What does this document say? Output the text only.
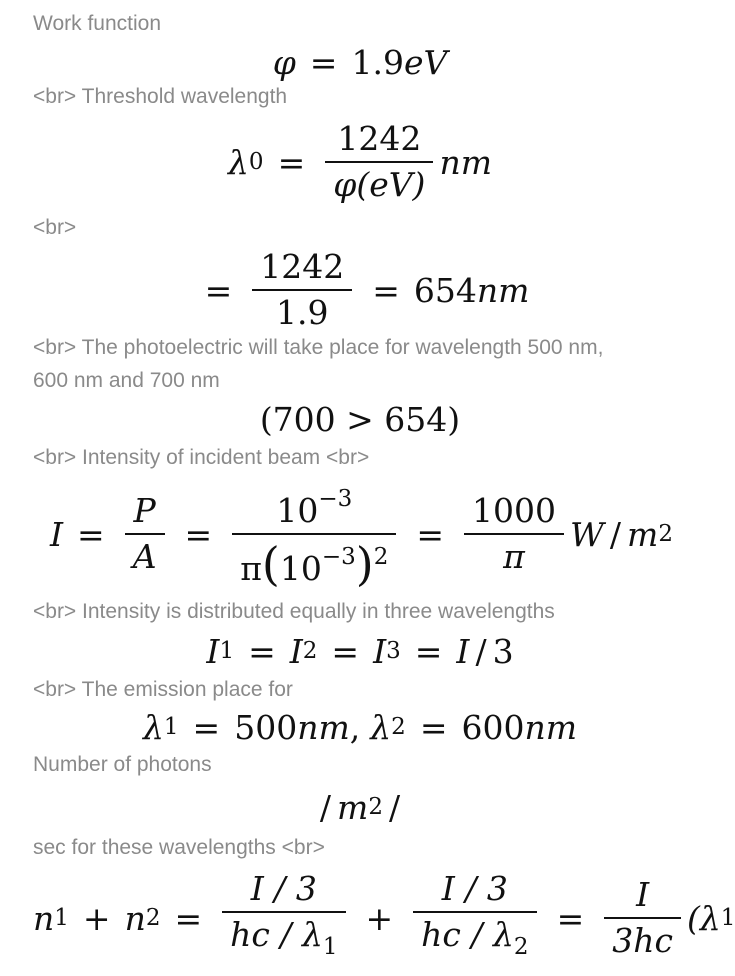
Work function
<br> Threshold wavelength
<br>
<br> The photoelectric will take place for wavelength 500 nm,
600 nm and 700 nm
<br> Intensity of incident beam <br>
<br> Intensity is distributed equally in three wavelengths
<br> The emission place for
Number of photons
sec for these wavelengths <br>
φ = 1.9 eV
λ $0 = \frac{1242}{\varphi(eV)}$ nm
= $\frac{1242}{1.9} = 654$ nm
(700 > 654)
$I = \frac{P}{A} = \frac{10^{-3}}{\pi(10^{-3})^2} = \frac{1000}{\pi}$ W / m 2
I 1 = I 2 = I 3 = I / 3
λ 1 = 500 nm , λ 2 = 600 nm
/ m 2 /
n 1 + n $2 = \frac{I / 3}{hc / \lambda_1} + \frac{I / 3}{hc / \lambda_2} = \frac{I}{3hc} (\lambda$ 1
